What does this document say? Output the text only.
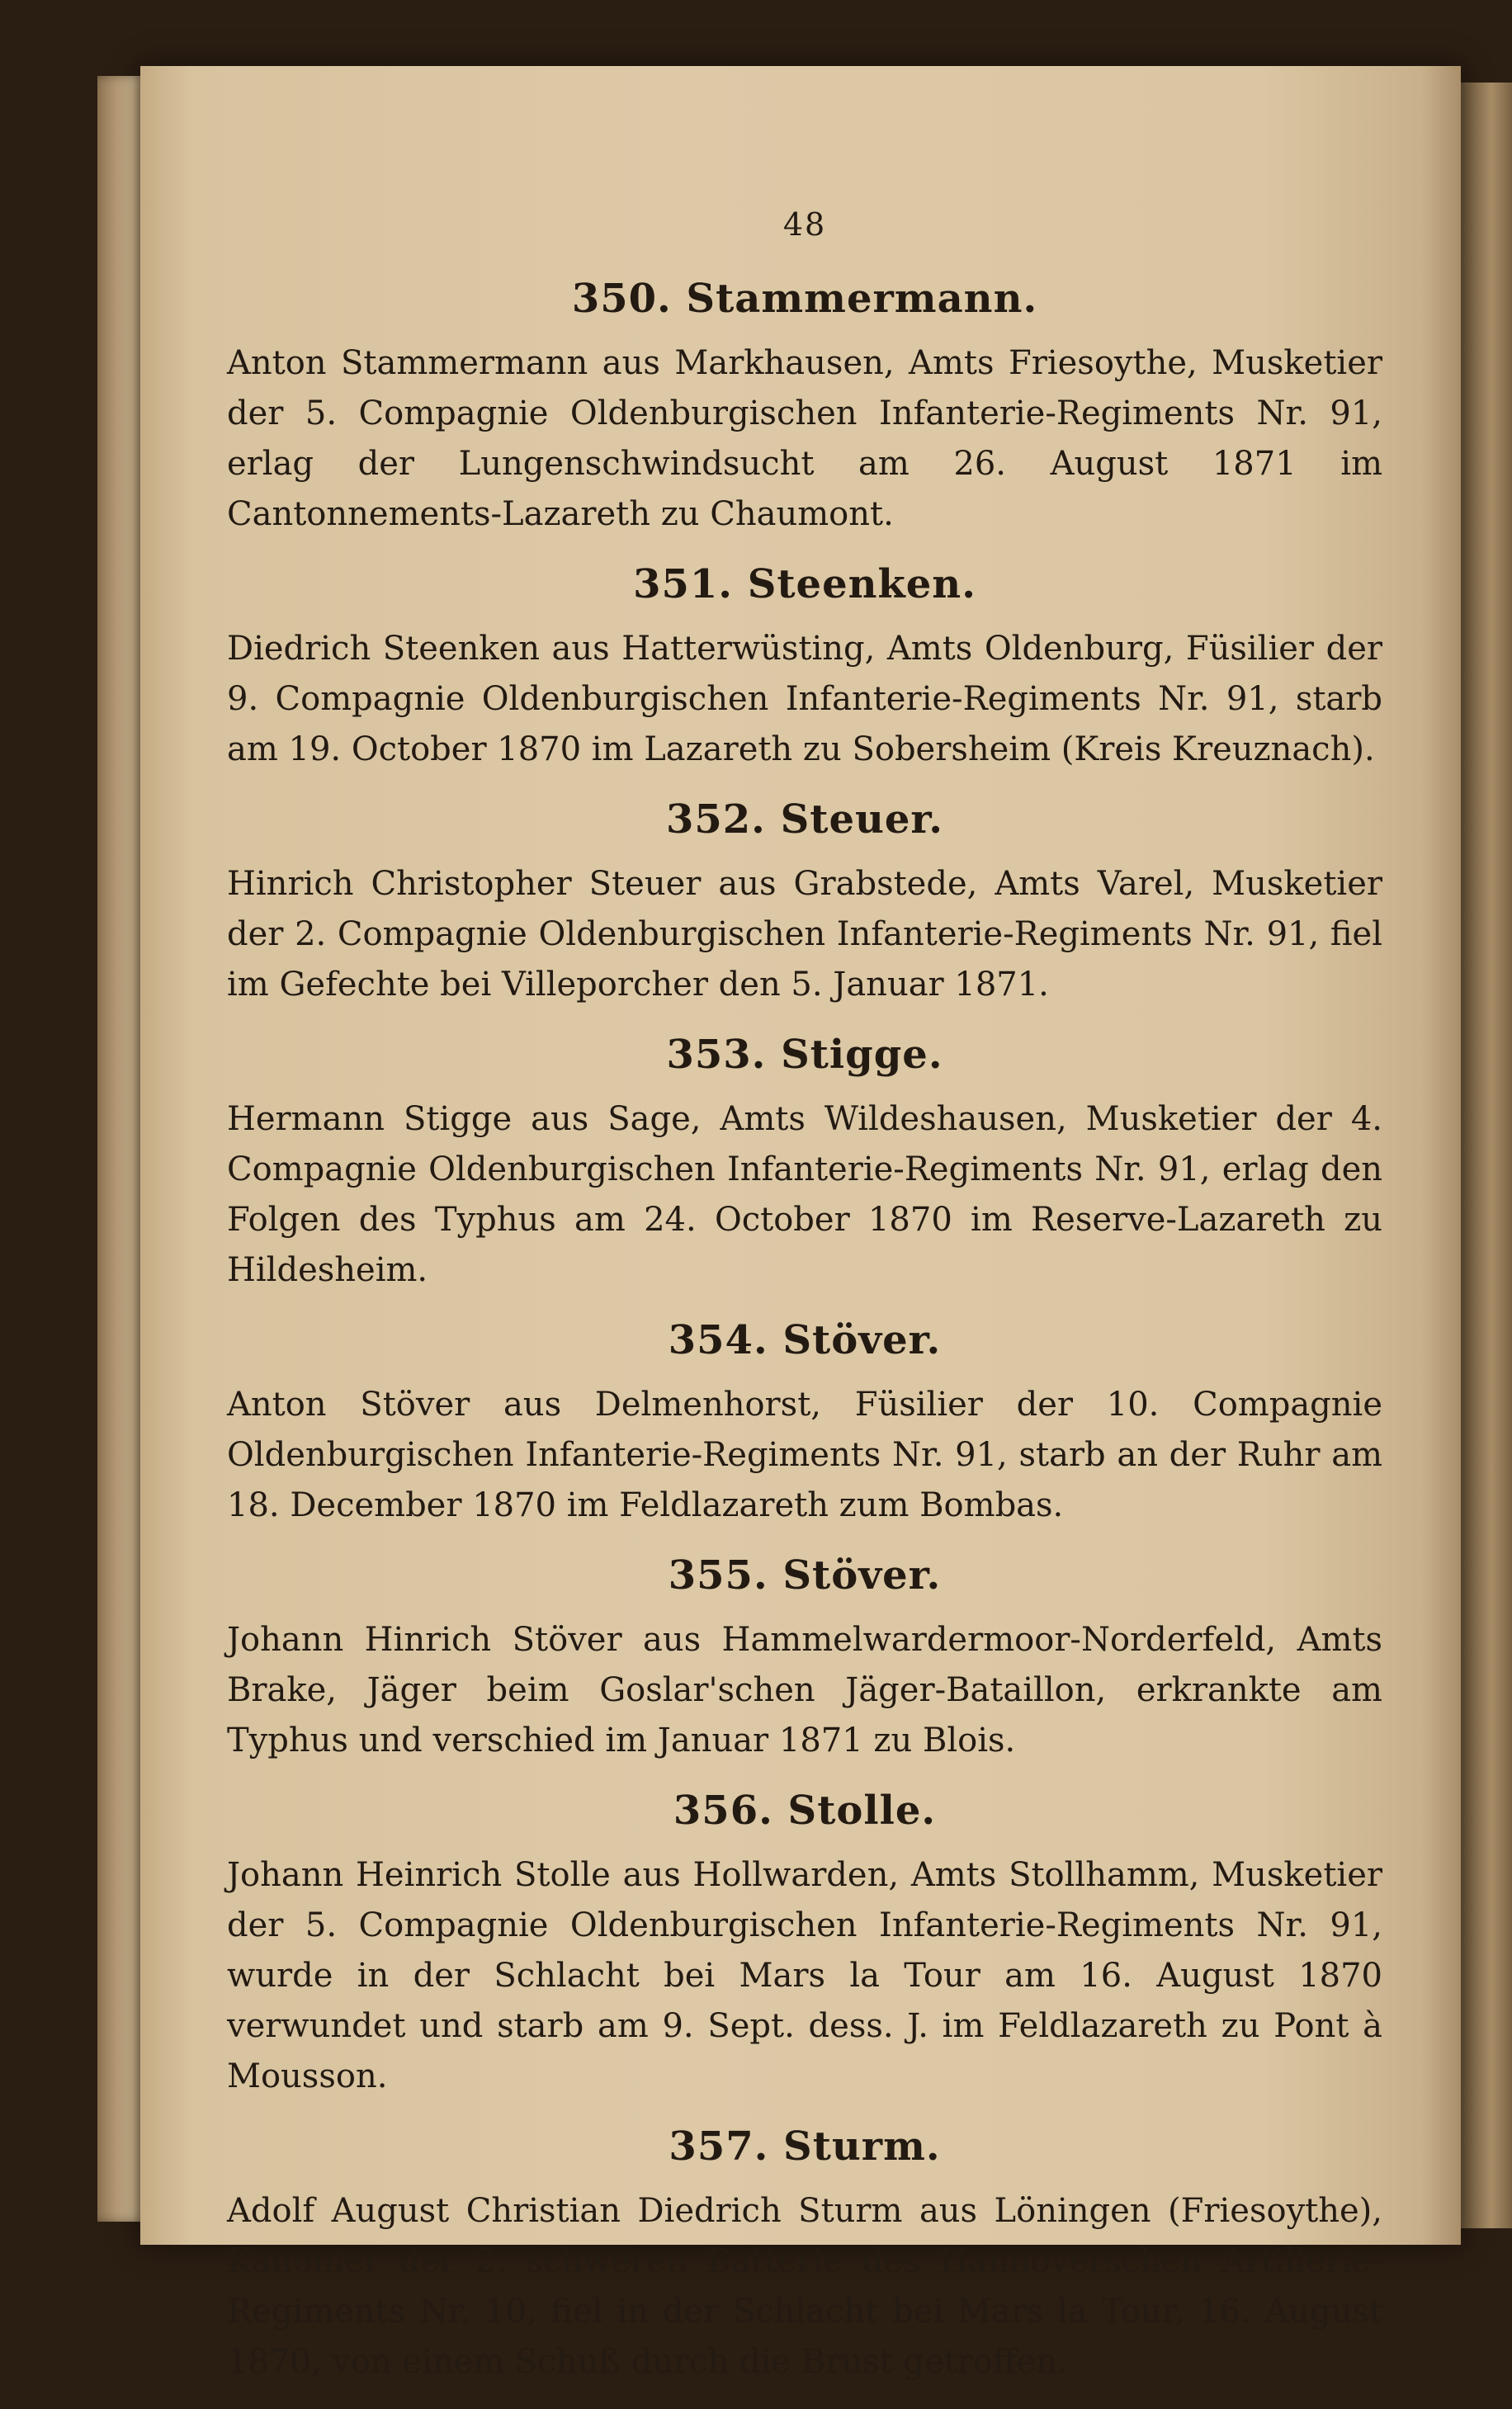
48
350. Stammermann.

Anton Stammermann aus Markhausen, Amts Friesoythe, Musketier der 5. Compagnie Oldenburgischen Infanterie-Regiments Nr. 91, erlag der Lungenschwindsucht am 26. August 1871 im Cantonnements-Lazareth zu Chaumont.

351. Steenken.

Diedrich Steenken aus Hatterwüsting, Amts Oldenburg, Füsilier der 9. Compagnie Oldenburgischen Infanterie-Regiments Nr. 91, starb am 19. October 1870 im Lazareth zu Sobersheim (Kreis Kreuznach).

352. Steuer.

Hinrich Christopher Steuer aus Grabstede, Amts Varel, Musketier der 2. Compagnie Oldenburgischen Infanterie-Regiments Nr. 91, fiel im Gefechte bei Villeporcher den 5. Januar 1871.

353. Stigge.

Hermann Stigge aus Sage, Amts Wildeshausen, Musketier der 4. Compagnie Oldenburgischen Infanterie-Regiments Nr. 91, erlag den Folgen des Typhus am 24. October 1870 im Reserve-Lazareth zu Hildesheim.

354. Stöver.

Anton Stöver aus Delmenhorst, Füsilier der 10. Compagnie Oldenburgischen Infanterie-Regiments Nr. 91, starb an der Ruhr am 18. December 1870 im Feldlazareth zum Bombas.

355. Stöver.

Johann Hinrich Stöver aus Hammelwardermoor-Norderfeld, Amts Brake, Jäger beim Goslar'schen Jäger-Bataillon, erkrankte am Typhus und verschied im Januar 1871 zu Blois.

356. Stolle.

Johann Heinrich Stolle aus Hollwarden, Amts Stollhamm, Musketier der 5. Compagnie Oldenburgischen Infanterie-Regiments Nr. 91, wurde in der Schlacht bei Mars la Tour am 16. August 1870 verwundet und starb am 9. Sept. dess. J. im Feldlazareth zu Pont à Mousson.

357. Sturm.

Adolf August Christian Diedrich Sturm aus Löningen (Friesoythe), Kanonier der 2. schweren Batterie des Hannoverschen Artillerie-Regiments Nr. 10, fiel in der Schlacht bei Mars la Tour, 16. August 1870, von einem Schuß durch die Brust getroffen.
